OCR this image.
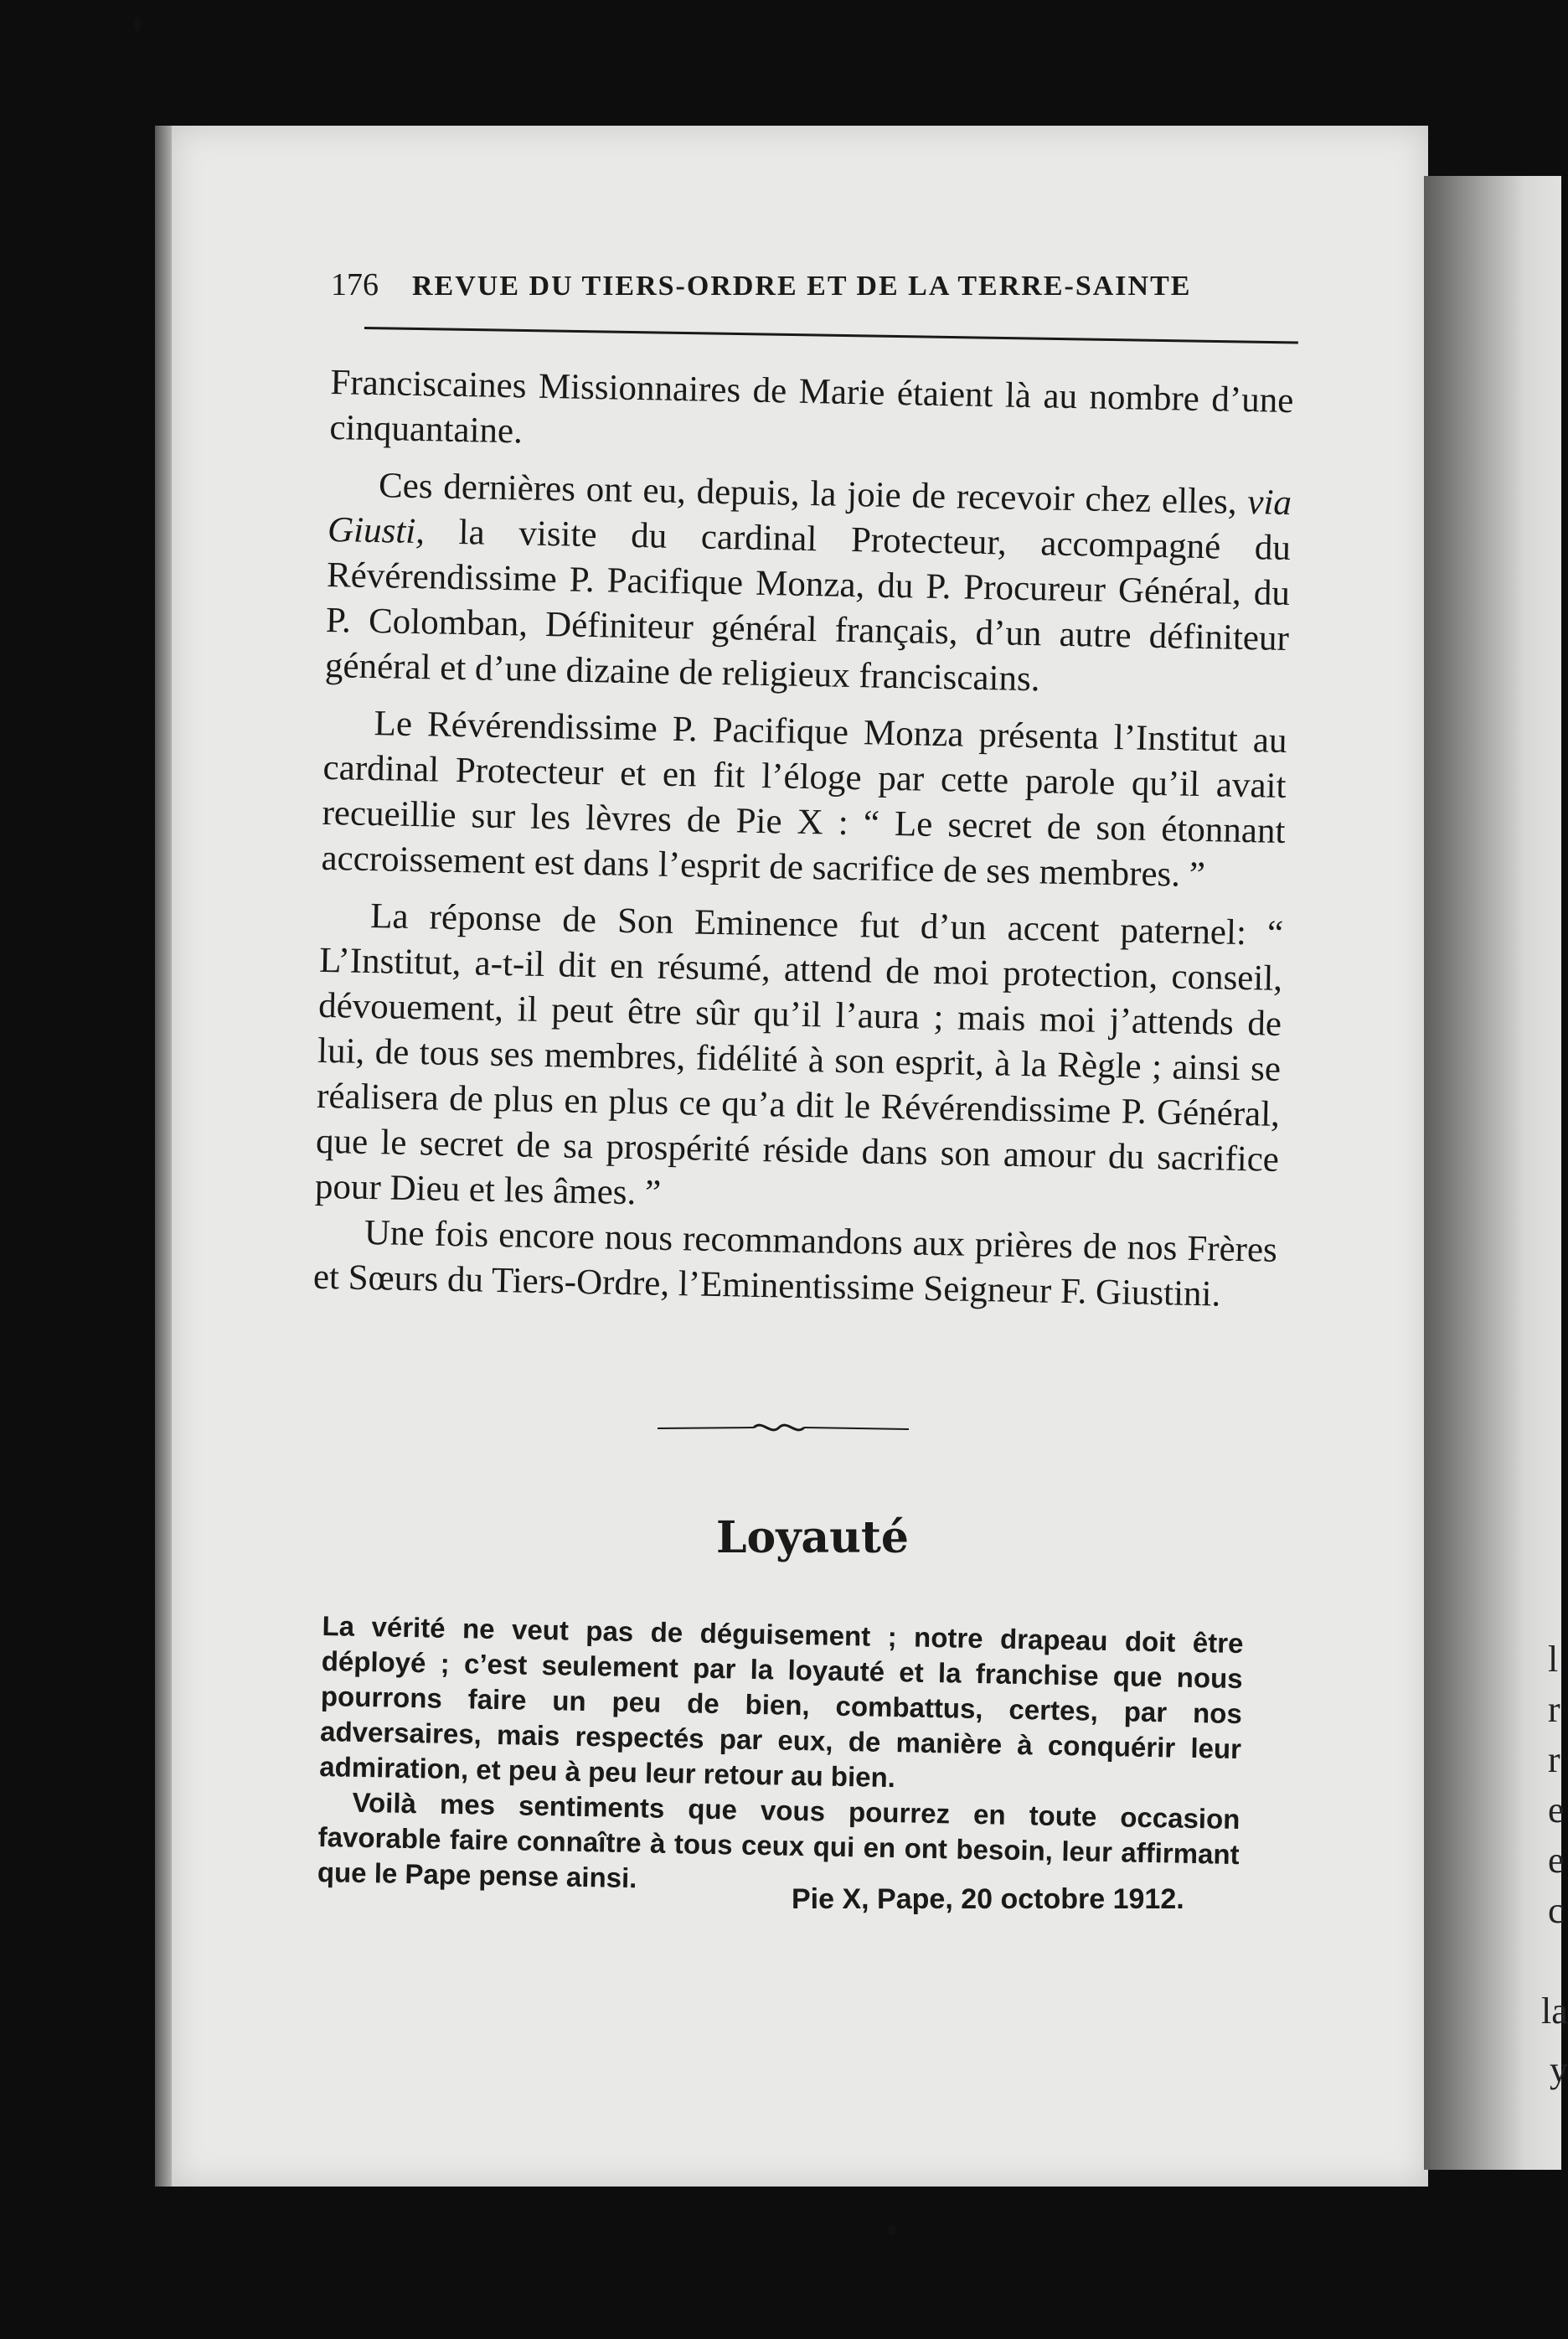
l
r
r
e
e
c
la
y
176 REVUE DU TIERS-ORDRE ET DE LA TERRE-SAINTE

Franciscaines Missionnaires de Marie étaient là au nombre d’une cinquantaine.

Ces dernières ont eu, depuis, la joie de recevoir chez elles, via Giusti, la visite du cardinal Protecteur, accompagné du Révérendissime P. Pacifique Monza, du P. Procureur Général, du P. Colomban, Définiteur général français, d’un autre définiteur général et d’une dizaine de religieux franciscains.

Le Révérendissime P. Pacifique Monza présenta l’Institut au cardinal Protecteur et en fit l’éloge par cette parole qu’il avait recueillie sur les lèvres de Pie X : “ Le secret de son étonnant accroissement est dans l’esprit de sacrifice de ses membres. ”

La réponse de Son Eminence fut d’un accent paternel: “ L’Institut, a-t-il dit en résumé, attend de moi protection, conseil, dévouement, il peut être sûr qu’il l’aura ; mais moi j’attends de lui, de tous ses membres, fidélité à son esprit, à la Règle ; ainsi se réalisera de plus en plus ce qu’a dit le Révérendissime P. Général, que le secret de sa prospérité réside dans son amour du sacrifice pour Dieu et les âmes. ”

Une fois encore nous recommandons aux prières de nos Frères et Sœurs du Tiers-Ordre, l’Eminentissime Seigneur F. Giustini.

Loyauté

La vérité ne veut pas de déguisement ; notre drapeau doit être déployé ; c’est seulement par la loyauté et la franchise que nous pourrons faire un peu de bien, combattus, certes, par nos adversaires, mais respectés par eux, de manière à conquérir leur admiration, et peu à peu leur retour au bien.

Voilà mes sentiments que vous pourrez en toute occasion favorable faire connaître à tous ceux qui en ont besoin, leur affirmant que le Pape pense ainsi.

Pie X, Pape, 20 octobre 1912.
